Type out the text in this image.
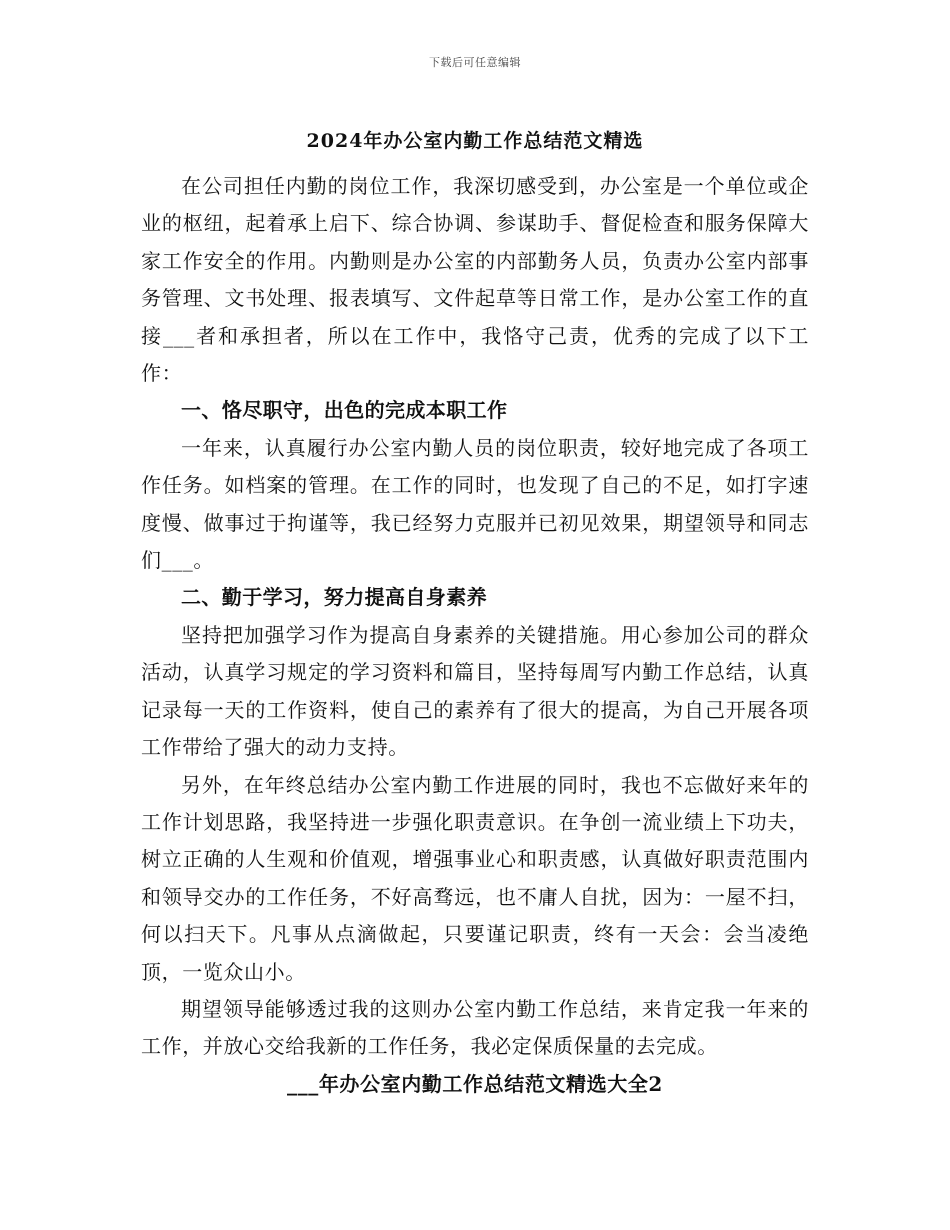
下载后可任意编辑
2024年办公室内勤工作总结范文精选

在公司担任内勤的岗位工作，我深切感受到，办公室是一个单位或企业的枢纽，起着承上启下、综合协调、参谋助手、督促检查和服务保障大家工作安全的作用。内勤则是办公室的内部勤务人员，负责办公室内部事务管理、文书处理、报表填写、文件起草等日常工作，是办公室工作的直接___者和承担者，所以在工作中，我恪守己责，优秀的完成了以下工作：

一、恪尽职守，出色的完成本职工作

一年来，认真履行办公室内勤人员的岗位职责，较好地完成了各项工作任务。如档案的管理。在工作的同时，也发现了自己的不足，如打字速度慢、做事过于拘谨等，我已经努力克服并已初见效果，期望领导和同志们___。

二、勤于学习，努力提高自身素养

坚持把加强学习作为提高自身素养的关键措施。用心参加公司的群众活动，认真学习规定的学习资料和篇目，坚持每周写内勤工作总结，认真记录每一天的工作资料，使自己的素养有了很大的提高，为自己开展各项工作带给了强大的动力支持。

另外，在年终总结办公室内勤工作进展的同时，我也不忘做好来年的工作计划思路，我坚持进一步强化职责意识。在争创一流业绩上下功夫，树立正确的人生观和价值观，增强事业心和职责感，认真做好职责范围内和领导交办的工作任务，不好高骛远，也不庸人自扰，因为：一屋不扫，何以扫天下。凡事从点滴做起，只要谨记职责，终有一天会：会当凌绝顶，一览众山小。

期望领导能够透过我的这则办公室内勤工作总结，来肯定我一年来的工作，并放心交给我新的工作任务，我必定保质保量的去完成。

___年办公室内勤工作总结范文精选大全2
